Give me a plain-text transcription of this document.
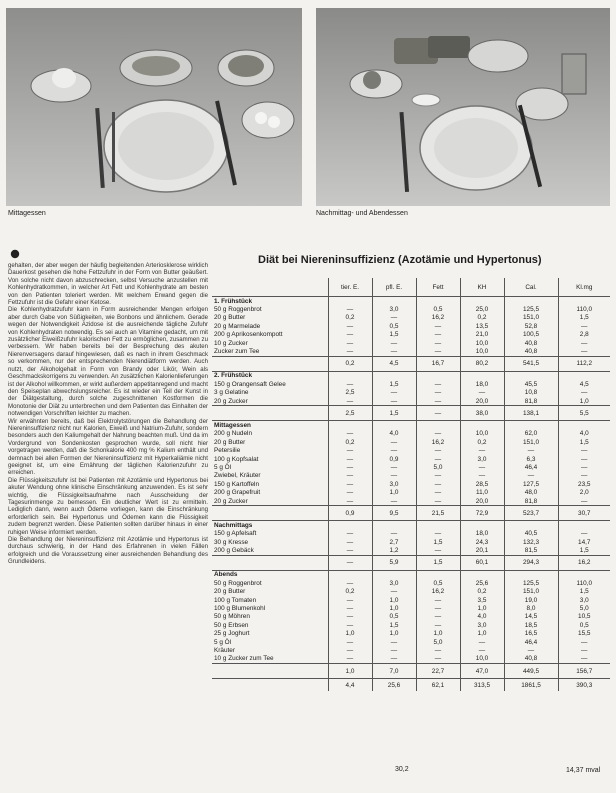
Mittagessen	Nachmittag- und Abendessen

gehalten, der aber wegen der häufig begleitenden Arteriosklerose wirklich Dauerkost gesehen die hohe Fettzufuhr in der Form von Butter geäußert. Von solche nicht davon abzuschrecken, selbst Versuche anzustellen mit Kohlenhydratkommen, in welcher Art Fett und Kohlenhydrate am besten von den Patienten toleriert werden. Mit welchem Erwand gegen die Fettzufuhr ist die Gefahr einer Ketose.

Die Kohlenhydratzufuhr kann in Form ausreichender Mengen erfolgen aber durch Gabe von Süßigkeiten, wie Bonbons und ähnlichem. Gerade wegen der Notwendigkeit Azidose ist die ausreichende tägliche Zufuhr von Kohlenhydraten notwendig. Es sei auch an Vitamine gedacht, um mit zusätzlicher Eiweißzufuhr kalorischen Fett zu ermöglichen, zusammen zu verbessern. Wir haben bereits bei der Besprechung des akuten Nierenversagens darauf hingewiesen, daß es nach in ihrem Geschmack so verkommen, nur der entsprechenden Nierendiätform werden. Auch nutzt, der Alkoholgehalt in Form von Brandy oder Likör, Wein als Geschmackskorrigens zu verwenden. An zusätzlichen Kalorienlieferungen ist der Alkohol willkommen, er wirkt außerdem appetitanregend und macht den Speiseplan abwechslungsreicher. Es ist wieder ein Teil der Kunst in der Diätgestaltung, durch solche zugeschnittenen Kostformen die Monotonie der Diät zu unterbrechen und dem Patienten das Einhalten der notwendigen Vorschriften leichter zu machen.

Wir erwähnten bereits, daß bei Elektrolytstörungen die Behandlung der Niereninsuffizienz nicht nur Kalorien, Eiweiß und Natrium-Zufuhr, sondern besonders auch den Kaliumgehalt der Nahrung beachten muß. Und da im Vordergrund von Sondenkosten gesprochen wurde, soll nicht hier vorgetragen werden, daß die Schonkalorie 400 mg % Kalium enthält und demnach bei allen Formen der Niereninsuffizienz mit Hyperkaliämie nicht geeignet ist, um eine Ernährung der täglichen Kalorienzufuhr zu erreichen.

Die Flüssigkeitszufuhr ist bei Patienten mit Azotämie und Hypertonus bei akuter Wendung ohne klinische Einschränkung anzuwenden. Es ist sehr wichtig, die Flüssigkeitsaufnahme nach Ausscheidung der Tagesurinmenge zu bemessen. Ein deutlicher Wert ist zu ermitteln. Lediglich dann, wenn auch Ödeme vorliegen, kann die Einschränkung erforderlich sein. Bei Hypertonus und Ödemen kann die Flüssigkeit zudem begrenzt werden. Diese Patienten sollten darüber hinaus in einer ruhigen Weise informiert werden.

Die Behandlung der Niereninsuffizienz mit Azotämie und Hypertonus ist durchaus schwierig, in der Hand des Erfahrenen in vielen Fällen erfolgreich und die Voraussetzung einer ausreichenden Behandlung des Grundleidens.

Diät bei Niereninsuffizienz (Azotämie und Hypertonus)
	tier. E.	pfl. E.	Fett	KH	Cal.	Kl.mg
1. Frühstück						
50 g Roggenbrot	—	3,0	0,5	25,0	125,5	110,0
20 g Butter	0,2	—	16,2	0,2	151,0	1,5
20 g Marmelade	—	0,5	—	13,5	52,8	—
200 g Aprikosenkompott	—	1,5	—	21,0	100,5	2,8
10 g Zucker	—	—	—	10,0	40,8	—
Zucker zum Tee	—	—	—	10,0	40,8	—
	0,2	4,5	16,7	80,2	541,5	112,2
2. Frühstück						
150 g Orangensaft Gelee	—	1,5	—	18,0	45,5	4,5
3 g Gelatine	2,5	—	—	—	10,8	—
20 g Zucker	—	—	—	20,0	81,8	1,0
	2,5	1,5	—	38,0	138,1	5,5
Mittagessen						
200 g Nudeln	—	4,0	—	10,0	62,0	4,0
20 g Butter	0,2	—	16,2	0,2	151,0	1,5
Petersilie	—	—	—	—	—	—
100 g Kopfsalat	—	0,9	—	3,0	6,3	—
5 g Öl	—	—	5,0	—	46,4	—
Zwiebel, Kräuter	—	—	—	—	—	—
150 g Kartoffeln	—	3,0	—	28,5	127,5	23,5
200 g Grapefruit	—	1,0	—	11,0	48,0	2,0
20 g Zucker	—	—	—	20,0	81,8	—
	0,9	9,5	21,5	72,9	523,7	30,7
Nachmittags						
150 g Apfelsaft	—	—	—	18,0	40,5	—
30 g Kresse	—	2,7	1,5	24,3	132,3	14,7
200 g Gebäck	—	1,2	—	20,1	81,5	1,5
	—	5,9	1,5	60,1	294,3	16,2
Abends						
50 g Roggenbrot	—	3,0	0,5	25,6	125,5	110,0
20 g Butter	0,2	—	16,2	0,2	151,0	1,5
100 g Tomaten	—	1,0	—	3,5	19,0	3,0
100 g Blumenkohl	—	1,0	—	1,0	8,0	5,0
50 g Möhren	—	0,5	—	4,0	14,5	10,5
50 g Erbsen	—	1,5	—	3,0	18,5	0,5
25 g Joghurt	1,0	1,0	1,0	1,0	16,5	15,5
5 g Öl	—	—	5,0	—	46,4	—
Kräuter	—	—	—	—	—	—
10 g Zucker zum Tee	—	—	—	10,0	40,8	—
	1,0	7,0	22,7	47,0	449,5	156,7
	4,4	25,6	62,1	313,5	1861,5	390,3
30,2	14,37 mval
